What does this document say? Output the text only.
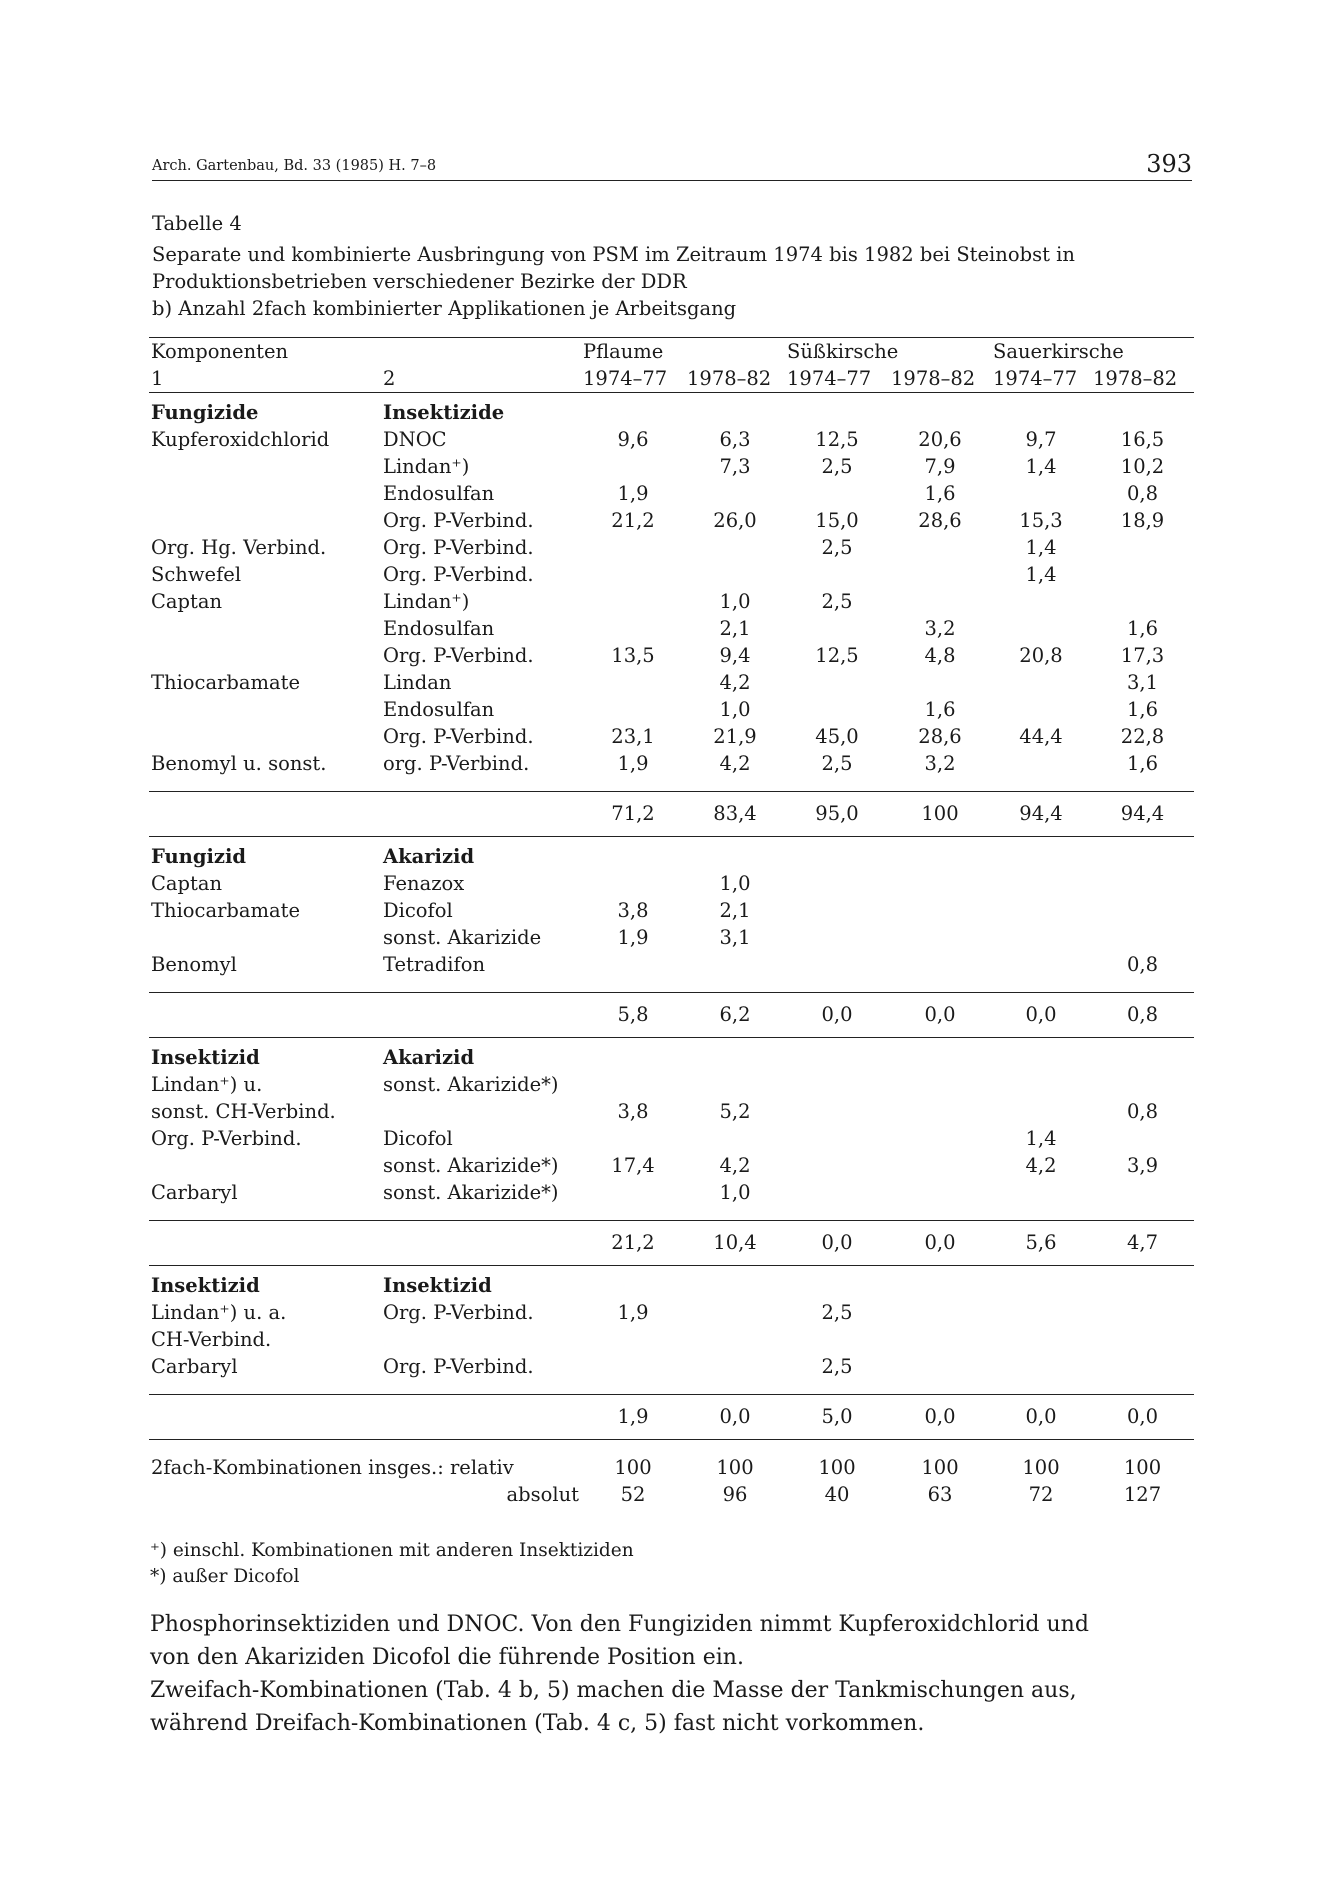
Arch. Gartenbau, Bd. 33 (1985) H. 7–8	393
Tabelle 4
Separate und kombinierte Ausbringung von PSM im Zeitraum 1974 bis 1982 bei Steinobst in
Produktionsbetrieben verschiedener Bezirke der DDR
b) Anzahl 2fach kombinierter Applikationen je Arbeitsgang
Komponenten		Pflaume		Süßkirsche		Sauerkirsche	
1	2	1974–77	1978–82	1974–77	1978–82	1974–77	1978–82
Fungizide	Insektizide						
Kupferoxidchlorid	DNOC	9,6	6,3	12,5	20,6	9,7	16,5
	Lindan⁺)		7,3	2,5	7,9	1,4	10,2
	Endosulfan	1,9			1,6		0,8
	Org. P-Verbind.	21,2	26,0	15,0	28,6	15,3	18,9
Org. Hg. Verbind.	Org. P-Verbind.			2,5		1,4	
Schwefel	Org. P-Verbind.					1,4	
Captan	Lindan⁺)		1,0	2,5			
	Endosulfan		2,1		3,2		1,6
	Org. P-Verbind.	13,5	9,4	12,5	4,8	20,8	17,3
Thiocarbamate	Lindan		4,2				3,1
	Endosulfan		1,0		1,6		1,6
	Org. P-Verbind.	23,1	21,9	45,0	28,6	44,4	22,8
Benomyl u. sonst.	org. P-Verbind.	1,9	4,2	2,5	3,2		1,6

		71,2	83,4	95,0	100	94,4	94,4
Fungizid	Akarizid						
Captan	Fenazox		1,0				
Thiocarbamate	Dicofol	3,8	2,1				
	sonst. Akarizide	1,9	3,1				
Benomyl	Tetradifon						0,8

		5,8	6,2	0,0	0,0	0,0	0,8
Insektizid	Akarizid						
Lindan⁺) u.	sonst. Akarizide*)						
sonst. CH-Verbind.		3,8	5,2				0,8
Org. P-Verbind.	Dicofol					1,4	
	sonst. Akarizide*)	17,4	4,2			4,2	3,9
Carbaryl	sonst. Akarizide*)		1,0				

		21,2	10,4	0,0	0,0	5,6	4,7
Insektizid	Insektizid						
Lindan⁺) u. a.	Org. P-Verbind.	1,9		2,5			
CH-Verbind.							
Carbaryl	Org. P-Verbind.			2,5			

		1,9	0,0	5,0	0,0	0,0	0,0

2fach-Kombinationen insges.: relativ		100	100	100	100	100	100
absolut		52	96	40	63	72	127
⁺) einschl. Kombinationen mit anderen Insektiziden
*) außer Dicofol
Phosphorinsektiziden und DNOC. Von den Fungiziden nimmt Kupferoxidchlorid und
von den Akariziden Dicofol die führende Position ein.
Zweifach-Kombinationen (Tab. 4 b, 5) machen die Masse der Tankmischungen aus,
während Dreifach-Kombinationen (Tab. 4 c, 5) fast nicht vorkommen.
